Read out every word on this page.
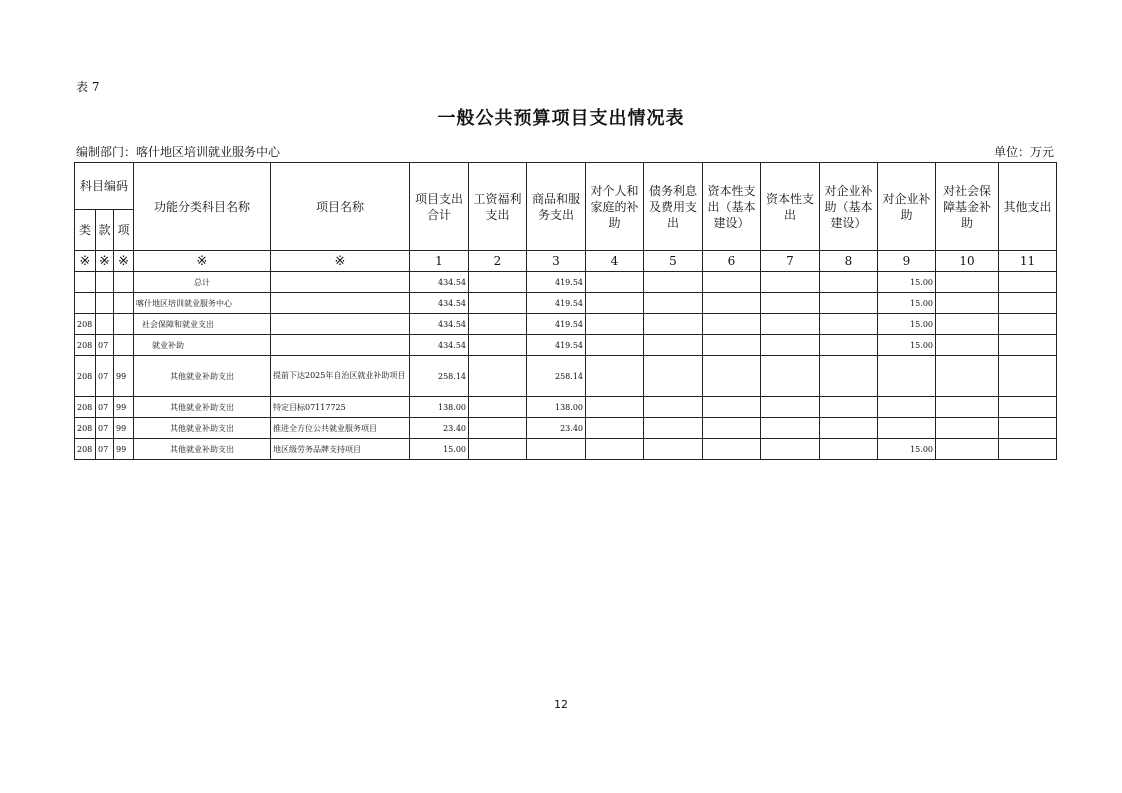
表 7
一般公共预算项目支出情况表
编制部门：喀什地区培训就业服务中心	单位：万元
科目编码			功能分类科目名称	项目名称	项目支出合计	工资福利支出	商品和服务支出	对个人和家庭的补助	债务利息及费用支出	资本性支出（基本建设）	资本性支出	对企业补助（基本建设）	对企业补助	对社会保障基金补助	其他支出
类	款	项													
※	※	※	※	※	1	2	3	4	5	6	7	8	9	10	11
			总计		434.54		419.54						15.00		
			喀什地区培训就业服务中心		434.54		419.54						15.00		
208			社会保障和就业支出		434.54		419.54						15.00		
208	07		就业补助		434.54		419.54						15.00		
208	07	99	其他就业补助支出	提前下达2025年自治区就业补助项目	258.14		258.14								
208	07	99	其他就业补助支出	特定目标07117725	138.00		138.00								
208	07	99	其他就业补助支出	推进全方位公共就业服务项目	23.40		23.40								
208	07	99	其他就业补助支出	地区级劳务品牌支持项目	15.00								15.00		
12
